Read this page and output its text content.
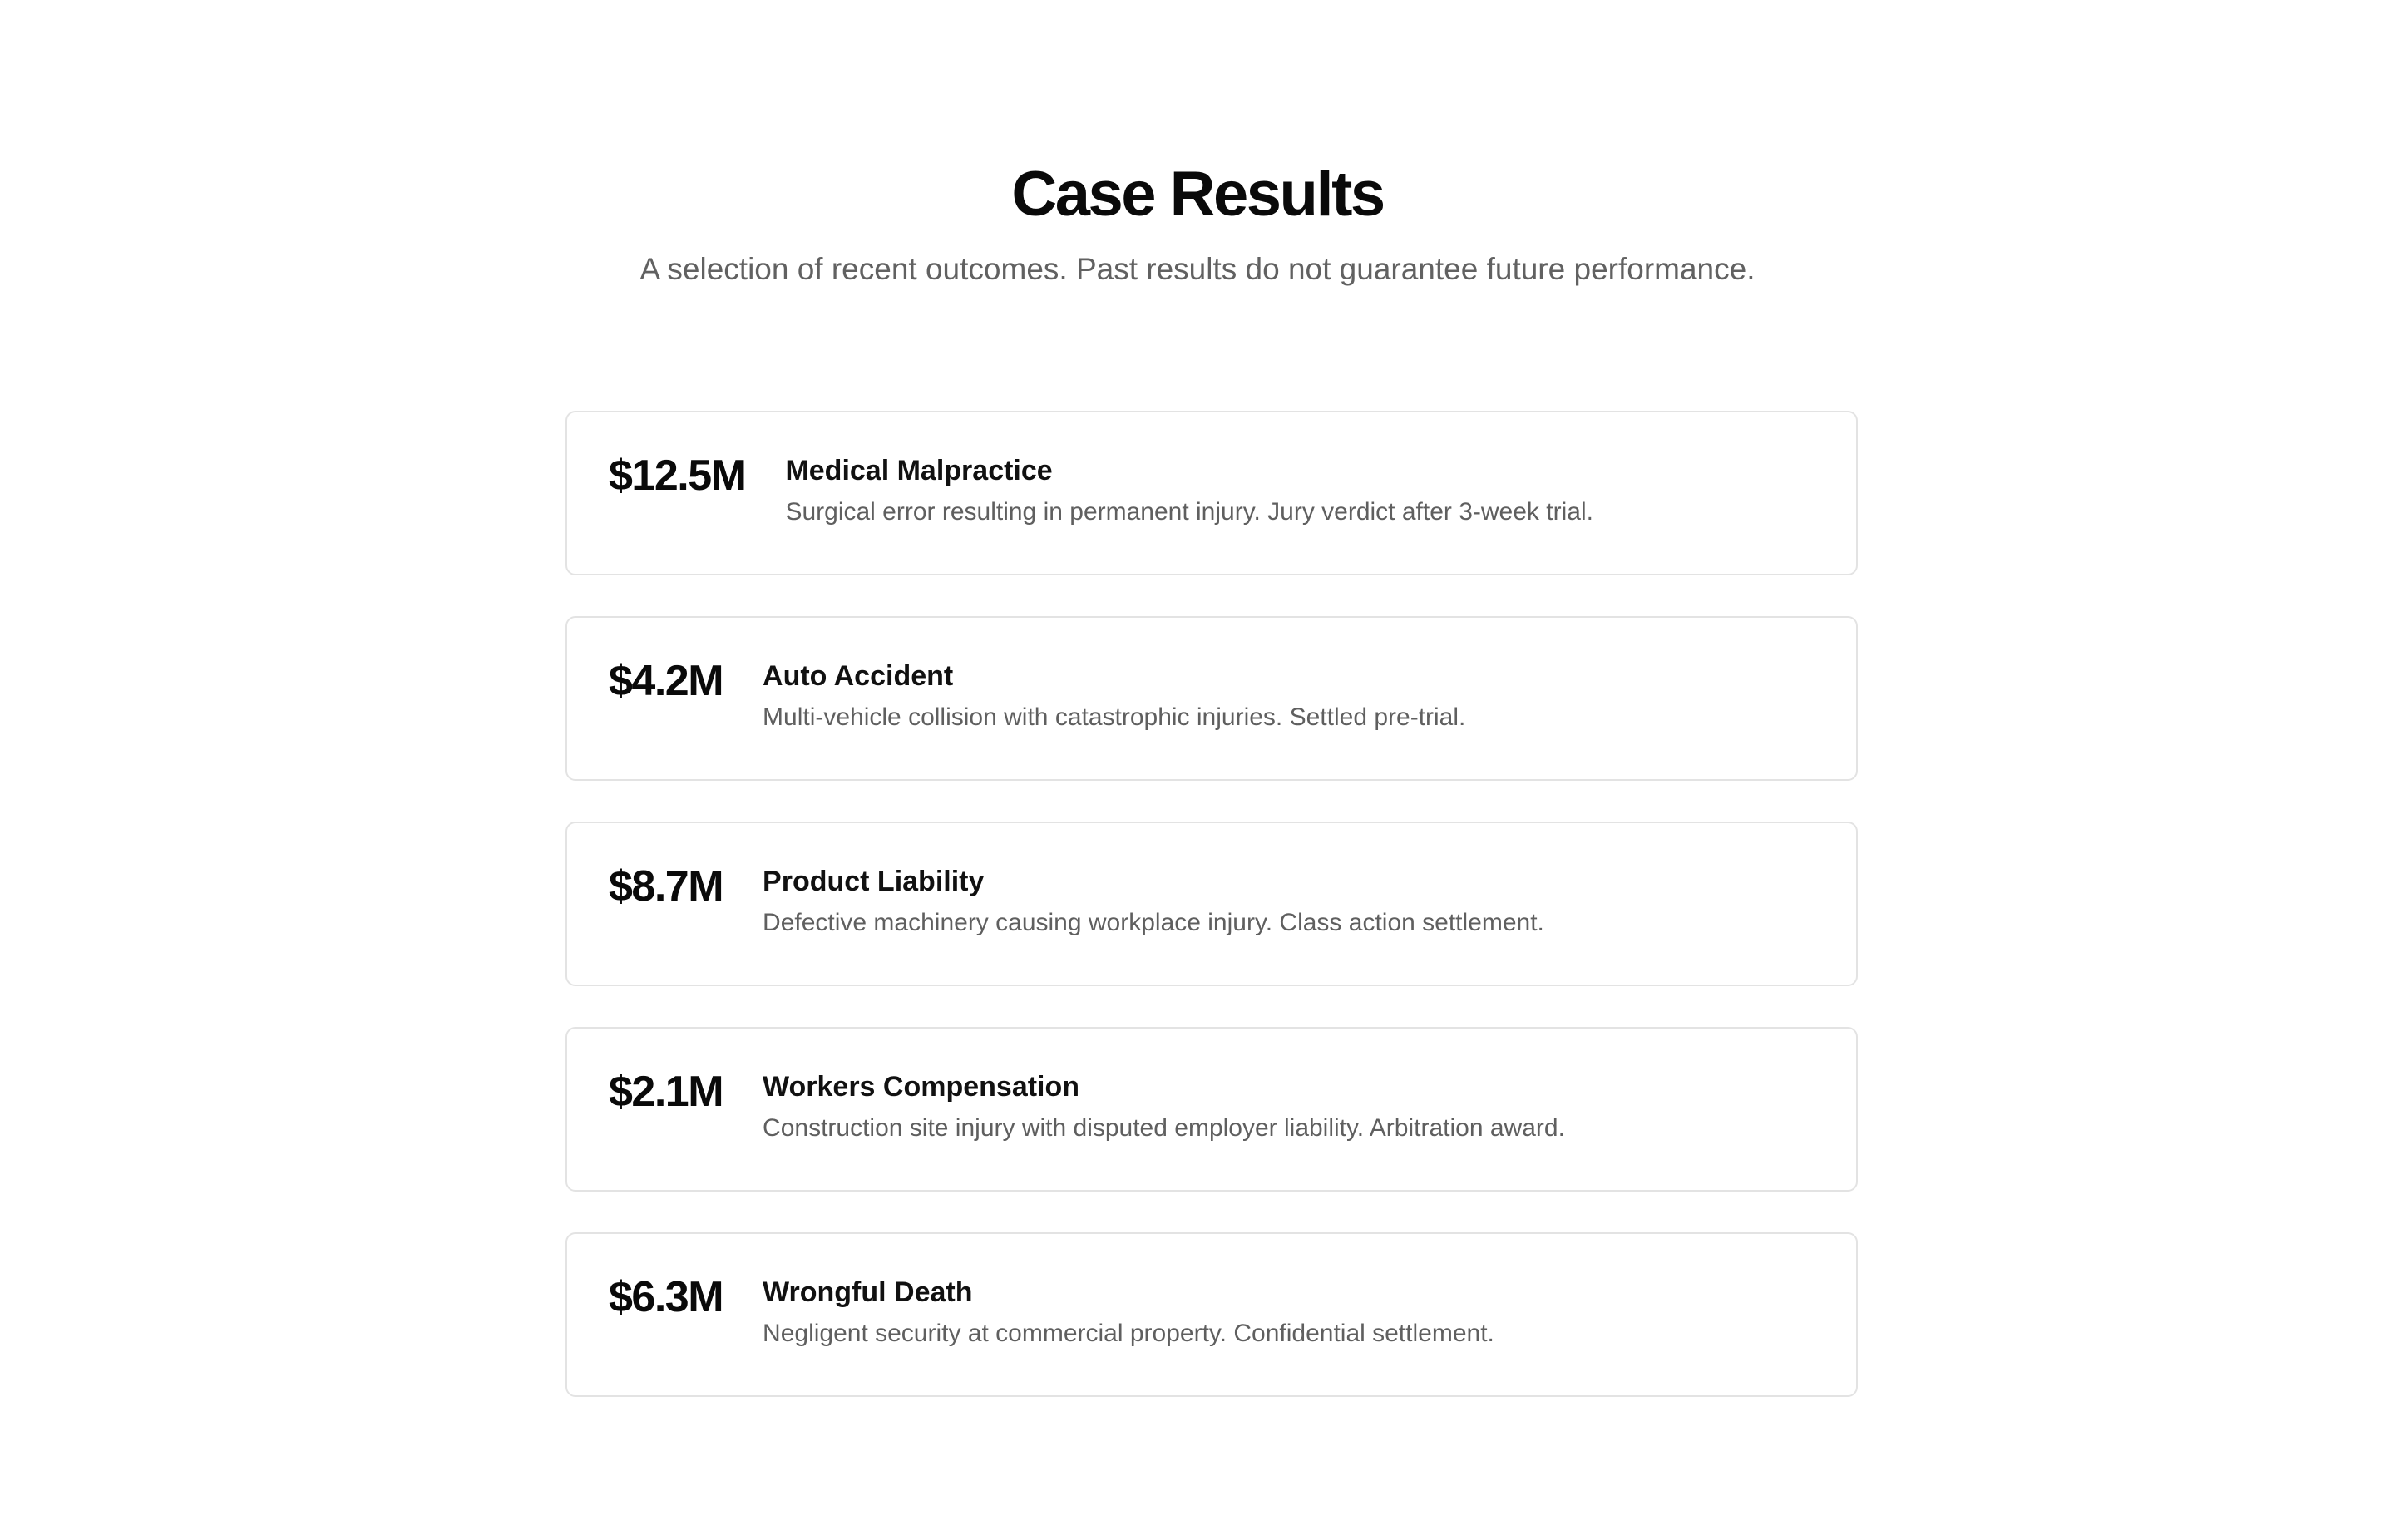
Case Results

A selection of recent outcomes. Past results do not guarantee future performance.

$12.5M Medical Malpractice
Surgical error resulting in permanent injury. Jury verdict after 3-week trial.
$4.2M Auto Accident
Multi-vehicle collision with catastrophic injuries. Settled pre-trial.
$8.7M Product Liability
Defective machinery causing workplace injury. Class action settlement.
$2.1M Workers Compensation
Construction site injury with disputed employer liability. Arbitration award.
$6.3M Wrongful Death
Negligent security at commercial property. Confidential settlement.
